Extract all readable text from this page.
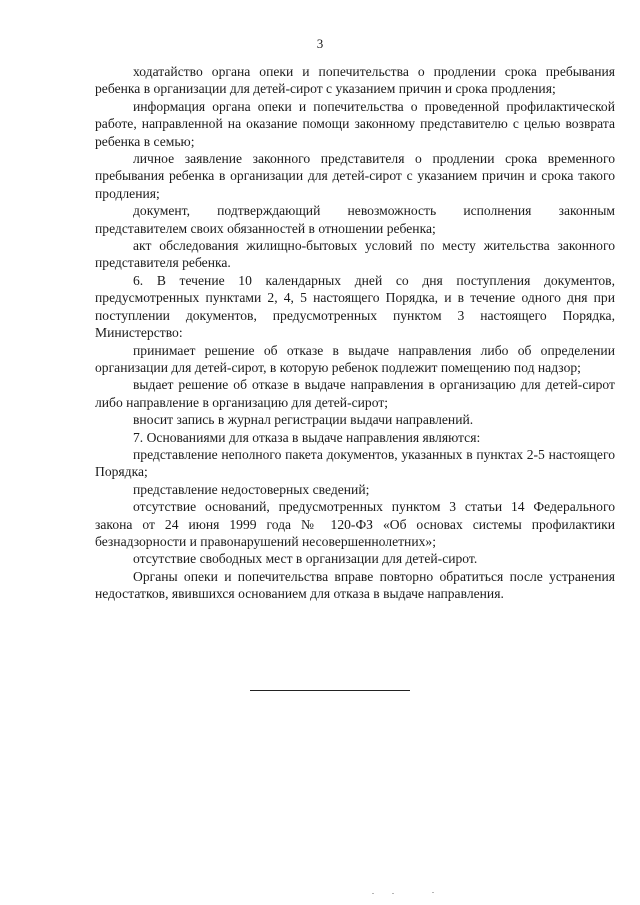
3

ходатайство органа опеки и попечительства о продлении срока пребывания ребенка в организации для детей-сирот с указанием причин и срока продления;

информация органа опеки и попечительства о проведенной профилактической работе, направленной на оказание помощи законному представителю с целью возврата ребенка в семью;

личное заявление законного представителя о продлении срока временного пребывания ребенка в организации для детей-сирот с указанием причин и срока такого продления;

документ, подтверждающий невозможность исполнения законным представителем своих обязанностей в отношении ребенка;

акт обследования жилищно-бытовых условий по месту жительства законного представителя ребенка.

6. В течение 10 календарных дней со дня поступления документов, предусмотренных пунктами 2, 4, 5 настоящего Порядка, и в течение одного дня при поступлении документов, предусмотренных пунктом 3 настоящего Порядка, Министерство:

принимает решение об отказе в выдаче направления либо об определении организации для детей-сирот, в которую ребенок подлежит помещению под надзор;

выдает решение об отказе в выдаче направления в организацию для детей-сирот либо направление в организацию для детей-сирот;

вносит запись в журнал регистрации выдачи направлений.

7. Основаниями для отказа в выдаче направления являются:

представление неполного пакета документов, указанных в пунктах 2-5 настоящего Порядка;

представление недостоверных сведений;

отсутствие оснований, предусмотренных пунктом 3 статьи 14 Федерального закона от 24 июня 1999 года № 120-ФЗ «Об основах системы профилактики безнадзорности и правонарушений несовершеннолетних»;

отсутствие свободных мест в организации для детей-сирот.

Органы опеки и попечительства вправе повторно обратиться после устранения недостатков, явившихся основанием для отказа в выдаче направления.
